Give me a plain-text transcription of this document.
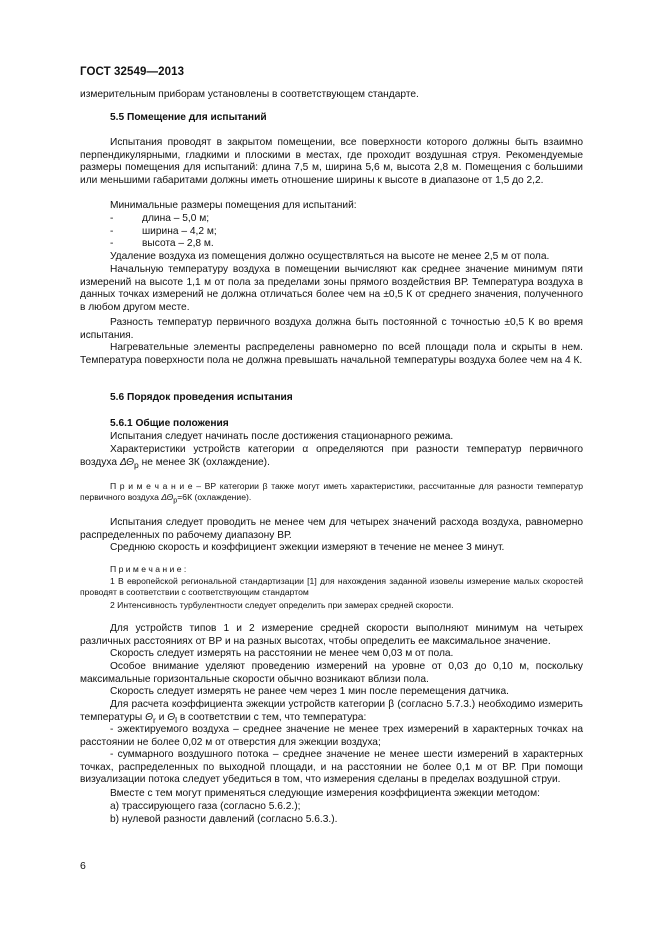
ГОСТ 32549—2013
измерительным приборам установлены в соответствующем стандарте.
5.5 Помещение для испытаний
Испытания проводят в закрытом помещении, все поверхности которого должны быть взаимно перпендикулярными, гладкими и плоскими в местах, где проходит воздушная струя. Рекомендуемые размеры помещения для испытаний: длина 7,5 м, ширина 5,6 м, высота 2,8 м. Помещения с большими или меньшими габаритами должны иметь отношение ширины к высоте в диапазоне от 1,5 до 2,2.
Минимальные размеры помещения для испытаний:
-	длина – 5,0 м;
-	ширина – 4,2 м;
-	высота – 2,8 м.
Удаление воздуха из помещения должно осуществляться на высоте не менее 2,5 м от пола.
Начальную температуру воздуха в помещении вычисляют как среднее значение минимум пяти измерений на высоте 1,1 м от пола за пределами зоны прямого воздействия ВР. Температура воздуха в данных точках измерений не должна отличаться более чем на ±0,5 К от среднего значения, полученного в любом другом месте.
Разность температур первичного воздуха должна быть постоянной с точностью ±0,5 К во время испытания.
Нагревательные элементы распределены равномерно по всей площади пола и скрыты в нем. Температура поверхности пола не должна превышать начальной температуры воздуха более чем на 4 К.
5.6 Порядок проведения испытания
5.6.1 Общие положения
Испытания следует начинать после достижения стационарного режима.
Характеристики устройств категории α определяются при разности температур первичного воздуха $\Delta\Theta_р$ не менее 3К (охлаждение).
П р и м е ч а н и е – ВР категории β также могут иметь характеристики, рассчитанные для разности температур первичного воздуха $\Delta\Theta_р=6К$ (охлаждение).
Испытания следует проводить не менее чем для четырех значений расхода воздуха, равномерно распределенных по рабочему диапазону ВР.
Среднюю скорость и коэффициент эжекции измеряют в течение не менее 3 минут.
П р и м е ч а н и е :
1 В европейской региональной стандартизации [1] для нахождения заданной изовелы измерение малых скоростей проводят в соответствии с соответствующим стандартом
2 Интенсивность турбулентности следует определить при замерах средней скорости.
Для устройств типов 1 и 2 измерение средней скорости выполняют минимум на четырех различных расстояниях от ВР и на разных высотах, чтобы определить ее максимальное значение.
Скорость следует измерять на расстоянии не менее чем 0,03 м от пола.
Особое внимание уделяют проведению измерений на уровне от 0,03 до 0,10 м, поскольку максимальные горизонтальные скорости обычно возникают вблизи пола.
Скорость следует измерять не ранее чем через 1 мин после перемещения датчика.
Для расчета коэффициента эжекции устройств категории β (согласно 5.7.3.) необходимо измерить температуры $\Theta_r$ и $\Theta_l$ в соответствии с тем, что температура:
- эжектируемого воздуха – среднее значение не менее трех измерений в характерных точках на расстоянии не более 0,02 м от отверстия для эжекции воздуха;
- суммарного воздушного потока – среднее значение не менее шести измерений в характерных точках, распределенных по выходной площади, и на расстоянии не более 0,1 м от ВР. При помощи визуализации потока следует убедиться в том, что измерения сделаны в пределах воздушной струи.
Вместе с тем могут применяться следующие измерения коэффициента эжекции методом:
а) трассирующего газа (согласно 5.6.2.);
b) нулевой разности давлений (согласно 5.6.3.).
6
